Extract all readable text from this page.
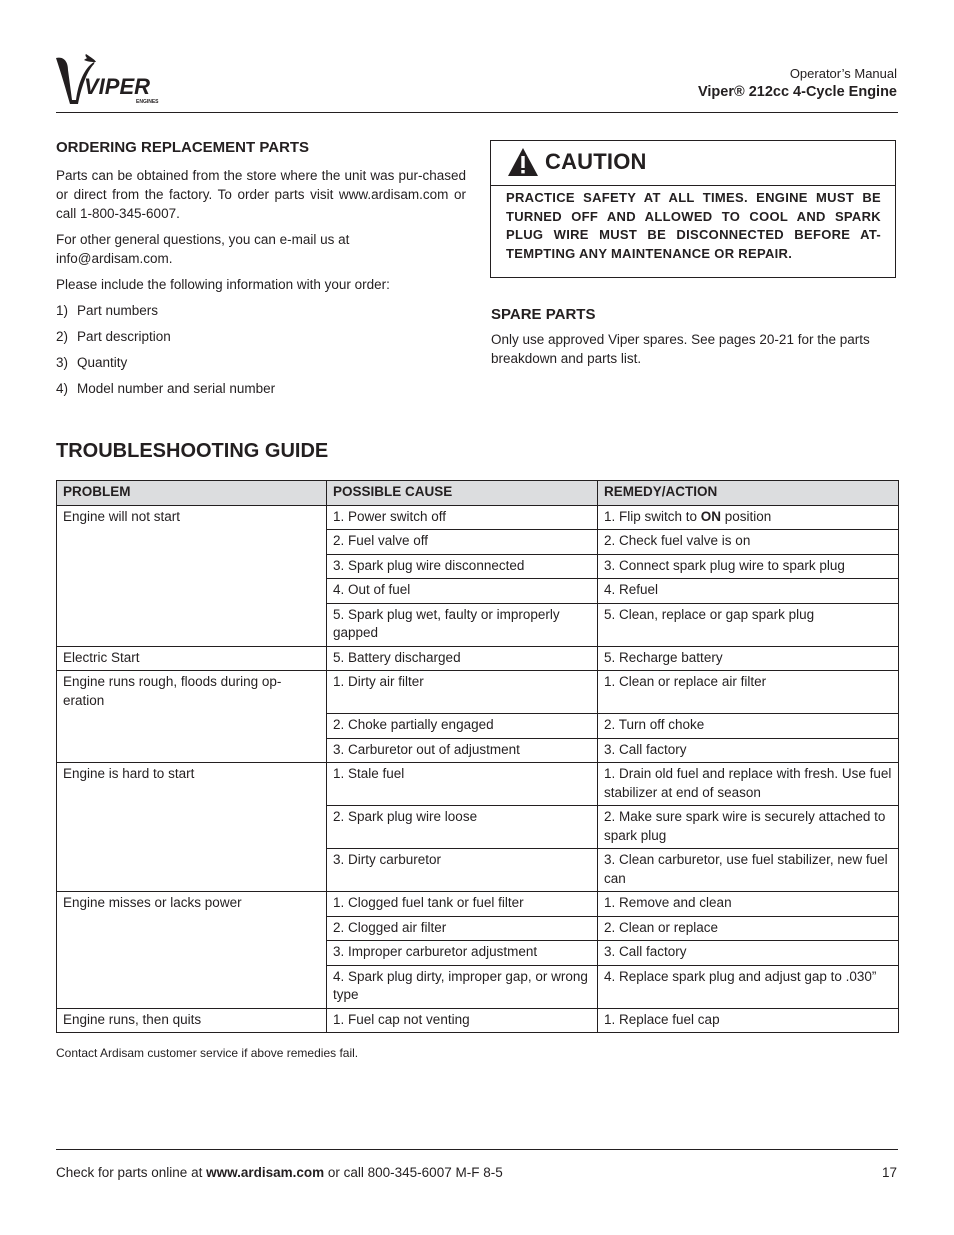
VIPER
ENGINES
Operator’s Manual
Viper® 212cc 4-Cycle Engine
ORDERING REPLACEMENT PARTS

Parts can be obtained from the store where the unit was pur-chased or direct from the factory. To order parts visit www.ardisam.com or call 1-800-345-6007.

For other general questions, you can e-mail us at info@ardisam.com.

Please include the following information with your order:

1) Part numbers
2) Part description
3) Quantity
4) Model number and serial number
CAUTION
PRACTICE SAFETY AT ALL TIMES. ENGINE MUST BE TURNED OFF AND ALLOWED TO COOL AND SPARK PLUG WIRE MUST BE DISCONNECTED BEFORE AT-TEMPTING ANY MAINTENANCE OR REPAIR.
SPARE PARTS

Only use approved Viper spares. See pages 20-21 for the parts breakdown and parts list.

TROUBLESHOOTING GUIDE
PROBLEM	POSSIBLE CAUSE	REMEDY/ACTION
Engine will not start	1. Power switch off	1. Flip switch to ON position
	2. Fuel valve off	2. Check fuel valve is on
	3. Spark plug wire disconnected	3. Connect spark plug wire to spark plug
	4. Out of fuel	4. Refuel
	5. Spark plug wet, faulty or improperly gapped	5. Clean, replace or gap spark plug
Electric Start	5. Battery discharged	5. Recharge battery
Engine runs rough, floods during op-eration	1. Dirty air filter	1. Clean or replace air filter
	2. Choke partially engaged	2. Turn off choke
	3. Carburetor out of adjustment	3. Call factory
Engine is hard to start	1. Stale fuel	1. Drain old fuel and replace with fresh. Use fuel stabilizer at end of season
	2. Spark plug wire loose	2. Make sure spark wire is securely attached to spark plug
	3. Dirty carburetor	3. Clean carburetor, use fuel stabilizer, new fuel can
Engine misses or lacks power	1. Clogged fuel tank or fuel filter	1. Remove and clean
	2. Clogged air filter	2. Clean or replace
	3. Improper carburetor adjustment	3. Call factory
	4. Spark plug dirty, improper gap, or wrong type	4. Replace spark plug and adjust gap to .030”
Engine runs, then quits	1. Fuel cap not venting	1. Replace fuel cap
Contact Ardisam customer service if above remedies fail.
Check for parts online at www.ardisam.com or call 800-345-6007 M-F 8-5	17
